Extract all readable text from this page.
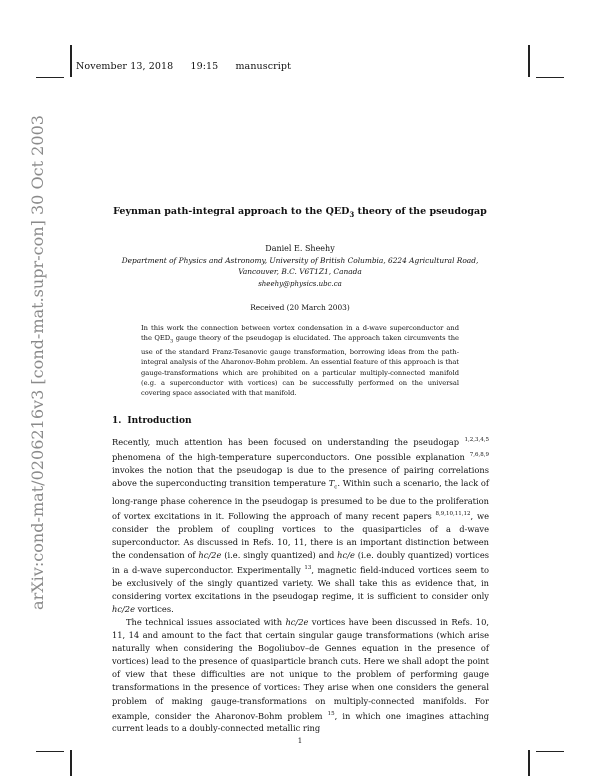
November 13, 2018 19:15 manuscript
arXiv:cond-mat/0206216v3 [cond-mat.supr-con] 30 Oct 2003	Feynman path-integral approach to the $QED_3$ theory of the pseudogap
Daniel E. Sheehy
Department of Physics and Astronomy, University of British Columbia, 6224 Agricultural Road,
Vancouver, B.C. V6T1Z1, Canada
sheehy@physics.ubc.ca
Received (20 March 2003)
In this work the connection between vortex condensation in a d-wave superconductor and the $QED_3$ gauge theory of the pseudogap is elucidated. The approach taken circumvents the use of the standard Franz-Tesanovic gauge transformation, borrowing ideas from the path-integral analysis of the Aharonov-Bohm problem. An essential feature of this approach is that gauge-transformations which are prohibited on a particular multiply-connected manifold (e.g. a superconductor with vortices) can be successfully performed on the universal covering space associated with that manifold.
1. Introduction

Recently, much attention has been focused on understanding the pseudogap $^{1,2,3,4,5}$ phenomena of the high-temperature superconductors. One possible explanation $^{7,6,8,9}$ invokes the notion that the pseudogap is due to the presence of pairing correlations above the superconducting transition temperature $T_c$. Within such a scenario, the lack of long-range phase coherence in the pseudogap is presumed to be due to the proliferation of vortex excitations in it. Following the approach of many recent papers $^{8,9,10,11,12}$, we consider the problem of coupling vortices to the quasiparticles of a d-wave superconductor. As discussed in Refs. 10, 11, there is an important distinction between the condensation of hc/2e (i.e. singly quantized) and hc/e (i.e. doubly quantized) vortices in a d-wave superconductor. Experimentally $^{13}$, magnetic field-induced vortices seem to be exclusively of the singly quantized variety. We shall take this as evidence that, in considering vortex excitations in the pseudogap regime, it is sufficient to consider only hc/2e vortices.

The technical issues associated with hc/2e vortices have been discussed in Refs. 10, 11, 14 and amount to the fact that certain singular gauge transformations (which arise naturally when considering the Bogoliubov–de Gennes equation in the presence of vortices) lead to the presence of quasiparticle branch cuts. Here we shall adopt the point of view that these difficulties are not unique to the problem of performing gauge transformations in the presence of vortices: They arise when one considers the general problem of making gauge-transformations on multiply-connected manifolds. For example, consider the Aharonov-Bohm problem $^{15}$, in which one imagines attaching current leads to a doubly-connected metallic ring

1
